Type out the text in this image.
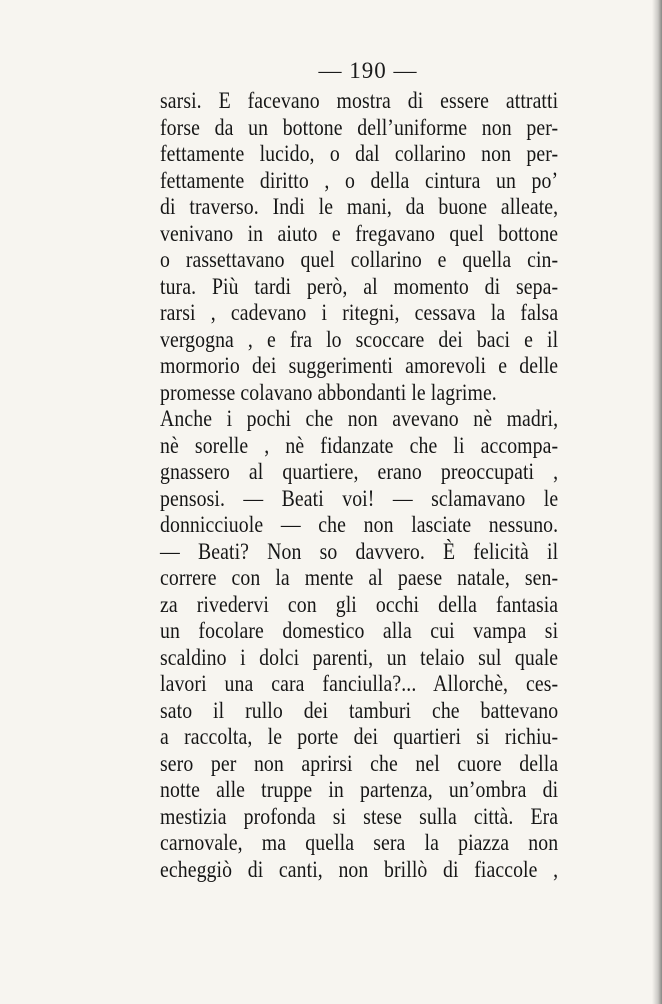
— 190 —
sarsi. E facevano mostra di essere attratti
forse da un bottone dell’uniforme non per-
fettamente lucido, o dal collarino non per-
fettamente diritto , o della cintura un po’
di traverso. Indi le mani, da buone alleate,
venivano in aiuto e fregavano quel bottone
o rassettavano quel collarino e quella cin-
tura. Più tardi però, al momento di sepa-
rarsi , cadevano i ritegni, cessava la falsa
vergogna , e fra lo scoccare dei baci e il
mormorio dei suggerimenti amorevoli e delle
promesse colavano abbondanti le lagrime.
Anche i pochi che non avevano nè madri,
nè sorelle , nè fidanzate che li accompa-
gnassero al quartiere, erano preoccupati ,
pensosi. — Beati voi! — sclamavano le
donnicciuole — che non lasciate nessuno.
— Beati? Non so davvero. È felicità il
correre con la mente al paese natale, sen-
za rivedervi con gli occhi della fantasia
un focolare domestico alla cui vampa si
scaldino i dolci parenti, un telaio sul quale
lavori una cara fanciulla?... Allorchè, ces-
sato il rullo dei tamburi che battevano
a raccolta, le porte dei quartieri si richiu-
sero per non aprirsi che nel cuore della
notte alle truppe in partenza, un’ombra di
mestizia profonda si stese sulla città. Era
carnovale, ma quella sera la piazza non
echeggiò di canti, non brillò di fiaccole ,
